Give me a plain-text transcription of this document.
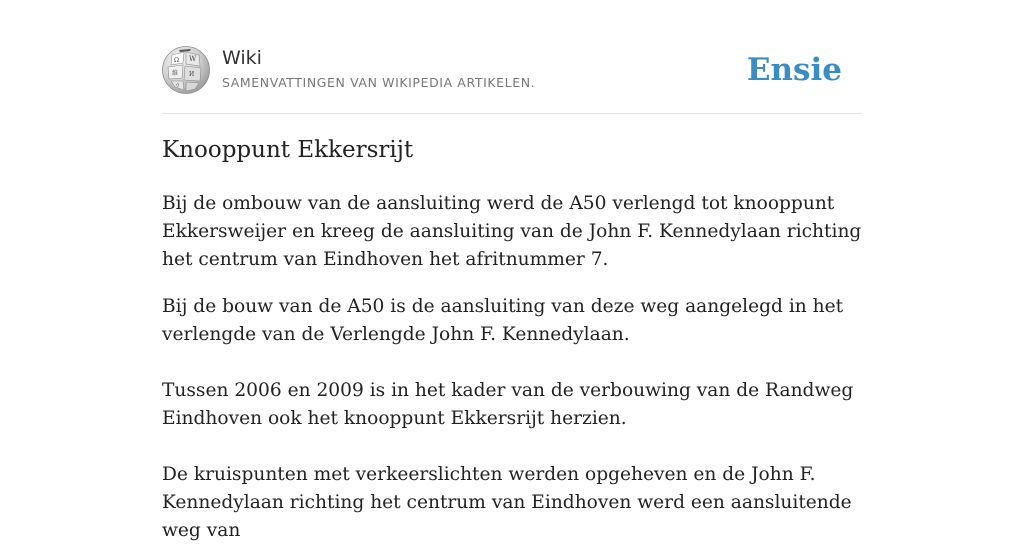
Ω W
維 И
ウ
Wiki
SAMENVATTINGEN VAN WIKIPEDIA ARTIKELEN.	Ensie
Knooppunt Ekkersrijt

Bij de ombouw van de aansluiting werd de A50 verlengd tot knooppunt Ekkersweijer en kreeg de aansluiting van de John F. Kennedylaan richting het centrum van Eindhoven het afritnummer 7.

Bij de bouw van de A50 is de aansluiting van deze weg aangelegd in het verlengde van de Verlengde John F. Kennedylaan.

Tussen 2006 en 2009 is in het kader van de verbouwing van de Randweg Eindhoven ook het knooppunt Ekkersrijt herzien.

De kruispunten met verkeerslichten werden opgeheven en de John F. Kennedylaan richting het centrum van Eindhoven werd een aansluitende weg van
